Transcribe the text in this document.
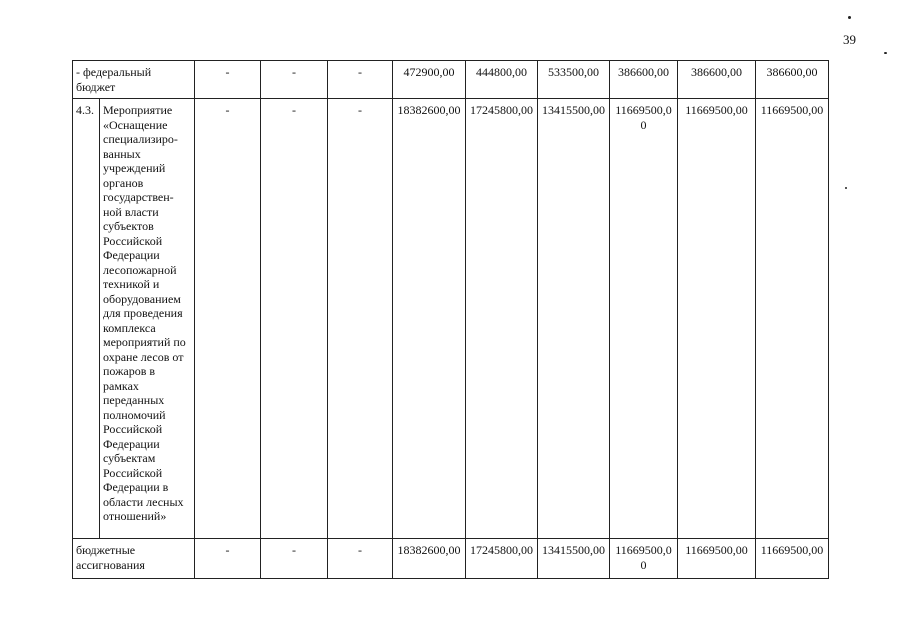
39
- федеральный бюджет		-	-	-	472900,00	444800,00	533500,00	386600,00	386600,00	386600,00
4.3.	Мероприятие «Оснащение специализиро-ванных учреждений органов государствен-ной власти субъектов Российской Федерации лесопожарной техникой и оборудованием для проведения комплекса мероприятий по охране лесов от пожаров в рамках переданных полномочий Российской Федерации субъектам Российской Федерации в области лесных отношений»	-	-	-	18382600,00	17245800,00	13415500,00	11669500,00	11669500,00	11669500,00
бюджетные ассигнования		-	-	-	18382600,00	17245800,00	13415500,00	11669500,00	11669500,00	11669500,00
